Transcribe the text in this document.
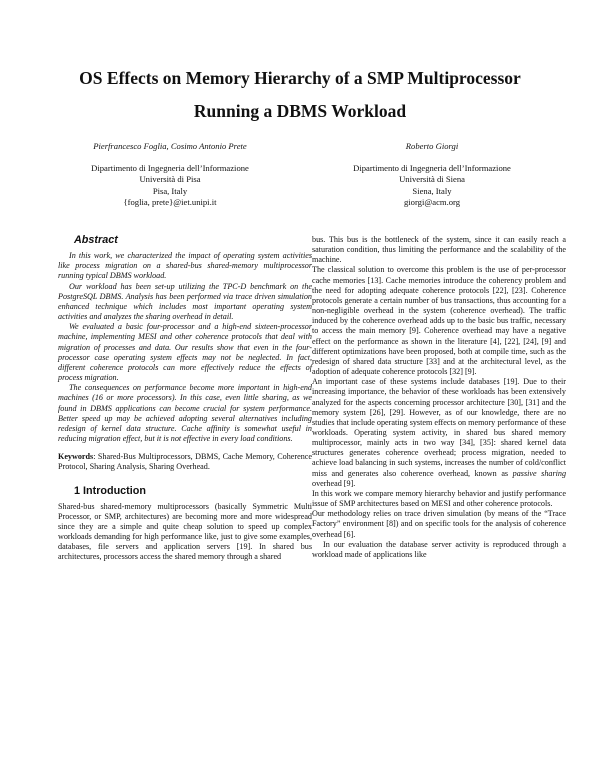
OS Effects on Memory Hierarchy of a SMP Multiprocessor
Running a DBMS Workload
Pierfrancesco Foglia, Cosimo Antonio Prete
Dipartimento di Ingegneria dell’Informazione
Università di Pisa
Pisa, Italy
{foglia, prete}@iet.unipi.it
Roberto Giorgi
Dipartimento di Ingegneria dell’Informazione
Università di Siena
Siena, Italy
giorgi@acm.org
Abstract

In this work, we characterized the impact of operating system activities like process migration on a shared-bus shared-memory multiprocessor running typical DBMS workload.

Our workload has been set-up utilizing the TPC-D benchmark on the PostgreSQL DBMS. Analysis has been performed via trace driven simulation enhanced technique which includes most important operating system activities and analyzes the sharing overhead in detail.

We evaluated a basic four-processor and a high-end sixteen-processor machine, implementing MESI and other coherence protocols that deal with migration of processes and data. Our results show that even in the four-processor case operating system effects may not be neglected. In fact, different coherence protocols can more effectively reduce the effects of process migration.

The consequences on performance become more important in high-end machines (16 or more processors). In this case, even little sharing, as we found in DBMS applications can become crucial for system performance. Better speed up may be achieved adopting several alternatives including redesign of kernel data structure. Cache affinity is somewhat useful in reducing migration effect, but it is not effective in every load conditions.

Keywords: Shared-Bus Multiprocessors, DBMS, Cache Memory, Coherence Protocol, Sharing Analysis, Sharing Overhead.

1 Introduction

Shared-bus shared-memory multiprocessors (basically Symmetric Multi Processor, or SMP, architectures) are becoming more and more widespread since they are a simple and quite cheap solution to speed up complex workloads demanding for high performance like, just to give some examples, databases, file servers and application servers [19]. In shared bus architectures, processors access the shared memory through a shared

bus. This bus is the bottleneck of the system, since it can easily reach a saturation condition, thus limiting the performance and the scalability of the machine.

The classical solution to overcome this problem is the use of per-processor cache memories [13]. Cache memories introduce the coherency problem and the need for adopting adequate coherence protocols [22], [23]. Coherence protocols generate a certain number of bus transactions, thus accounting for a non-negligible overhead in the system (coherence overhead). The traffic induced by the coherence overhead adds up to the basic bus traffic, necessary to access the main memory [9]. Coherence overhead may have a negative effect on the performance as shown in the literature [4], [22], [24], [9] and different optimizations have been proposed, both at compile time, such as the redesign of shared data structure [33] and at the architectural level, as the adoption of adequate coherence protocols [32] [9].

An important case of these systems include databases [19]. Due to their increasing importance, the behavior of these workloads has been extensively analyzed for the aspects concerning processor architecture [30], [31] and the memory system [26], [29]. However, as of our knowledge, there are no studies that include operating system effects on memory performance of these workloads. Operating system activity, in shared bus shared memory multiprocessor, mainly acts in two way [34], [35]: shared kernel data structures generates coherence overhead; process migration, needed to achieve load balancing in such systems, increases the number of cold/conflict miss and generates also coherence overhead, known as passive sharing overhead [9].

In this work we compare memory hierarchy behavior and justify performance issue of SMP architectures based on MESI and other coherence protocols.

Our methodology relies on trace driven simulation (by means of the “Trace Factory” environment [8]) and on specific tools for the analysis of coherence overhead [6].

In our evaluation the database server activity is reproduced through a workload made of applications like
